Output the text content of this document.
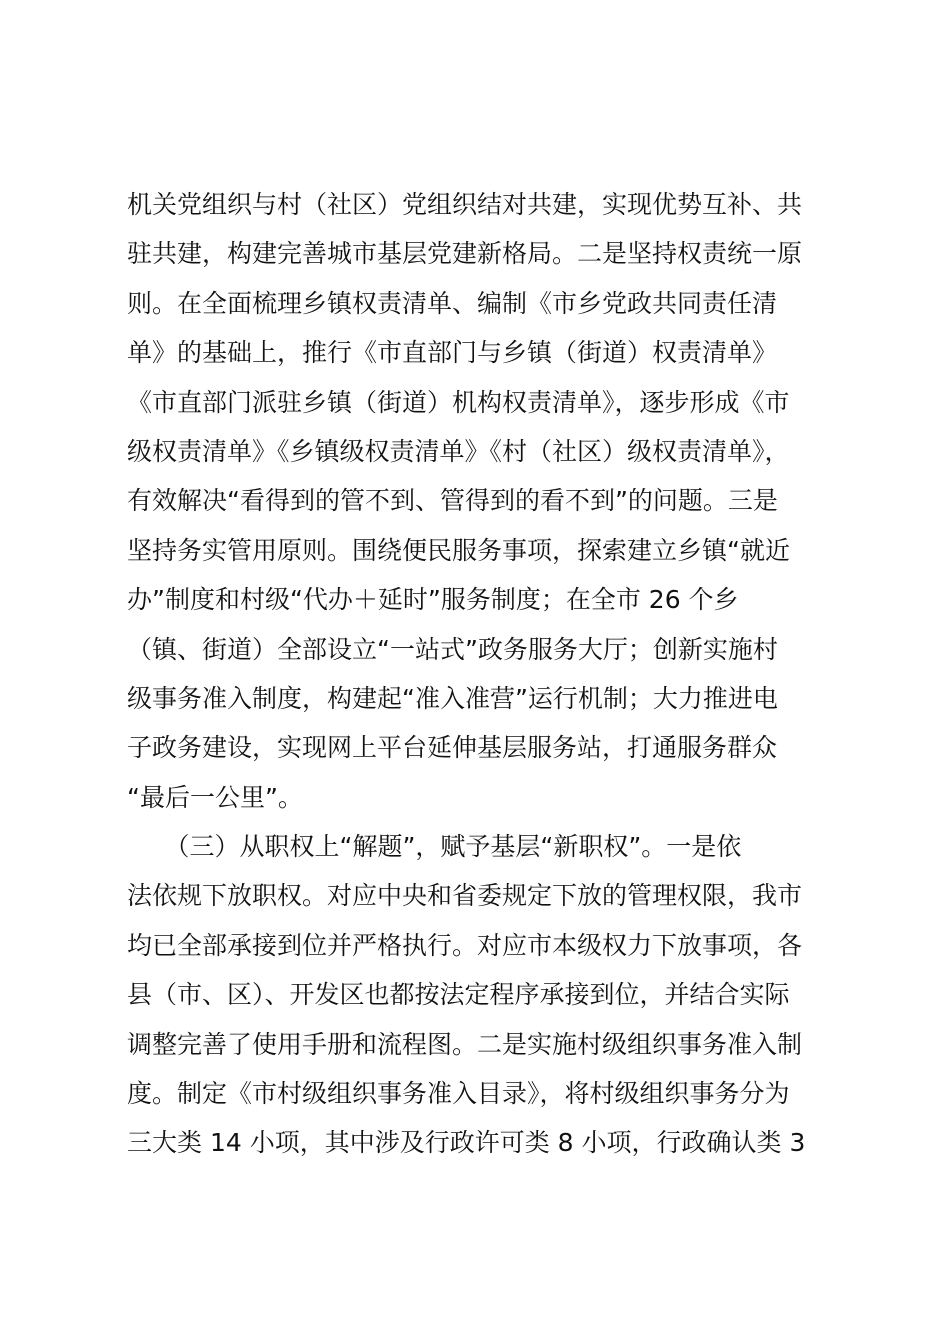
机关党组织与村（社区）党组织结对共建，实现优势互补、共
驻共建，构建完善城市基层党建新格局。二是坚持权责统一原
则。在全面梳理乡镇权责清单、编制《市乡党政共同责任清
单》的基础上，推行《市直部门与乡镇（街道）权责清单》
《市直部门派驻乡镇（街道）机构权责清单》，逐步形成《市
级权责清单》《乡镇级权责清单》《村（社区）级权责清单》，
有效解决“看得到的管不到、管得到的看不到”的问题。三是
坚持务实管用原则。围绕便民服务事项，探索建立乡镇“就近
办”制度和村级“代办＋延时”服务制度；在全市 26 个乡
（镇、街道）全部设立“一站式”政务服务大厅；创新实施村
级事务准入制度，构建起“准入准营”运行机制；大力推进电
子政务建设，实现网上平台延伸基层服务站，打通服务群众
“最后一公里”。
　　（三）从职权上“解题”，赋予基层“新职权”。一是依
法依规下放职权。对应中央和省委规定下放的管理权限，我市
均已全部承接到位并严格执行。对应市本级权力下放事项，各
县（市、区）、开发区也都按法定程序承接到位，并结合实际
调整完善了使用手册和流程图。二是实施村级组织事务准入制
度。制定《市村级组织事务准入目录》，将村级组织事务分为
三大类 14 小项，其中涉及行政许可类 8 小项，行政确认类 3
